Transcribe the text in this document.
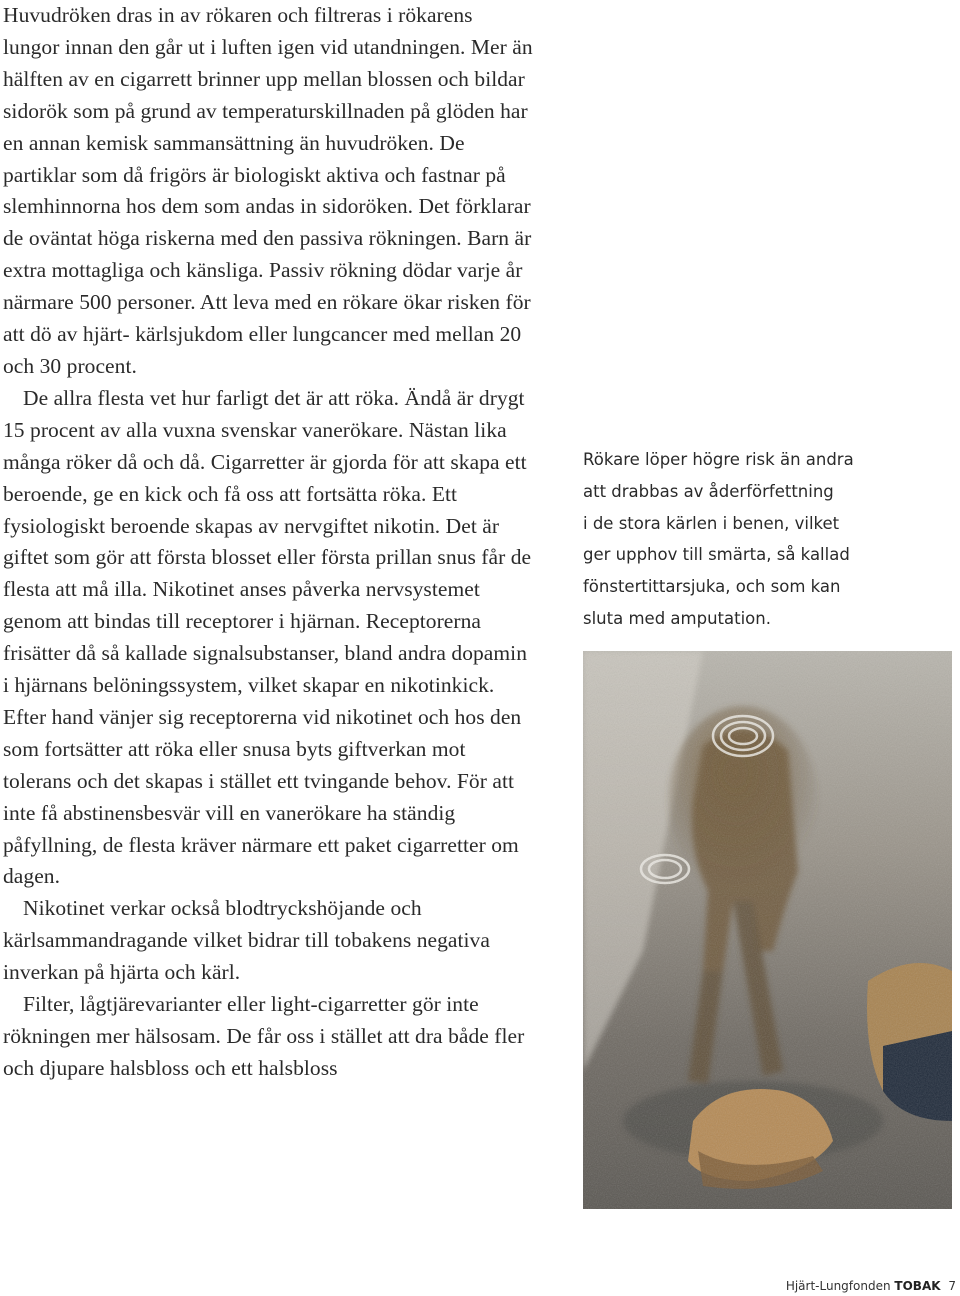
Huvudröken dras in av rökaren och filtreras i rökarens lungor innan den går ut i luften igen vid utandningen. Mer än hälften av en cigarrett brinner upp mellan blossen och bildar sidorök som på grund av temperaturskillnaden på glöden har en annan kemisk sammansättning än huvudröken. De partiklar som då frigörs är biologiskt aktiva och fastnar på slemhinnorna hos dem som andas in sidoröken. Det förklarar de oväntat höga riskerna med den passiva rökningen. Barn är extra mottagliga och känsliga. Passiv rökning dödar varje år närmare 500 personer. Att leva med en rökare ökar risken för att dö av hjärt- kärlsjukdom eller lungcancer med mellan 20 och 30 procent.

De allra flesta vet hur farligt det är att röka. Ändå är drygt 15 procent av alla vuxna svenskar vanerökare. Nästan lika många röker då och då. Cigarretter är gjorda för att skapa ett beroende, ge en kick och få oss att fortsätta röka. Ett fysiologiskt beroende skapas av nervgiftet nikotin. Det är giftet som gör att första blosset eller första prillan snus får de flesta att må illa. Nikotinet anses påverka nervsystemet genom att bindas till receptorer i hjärnan. Receptorerna frisätter då så kallade signalsubstanser, bland andra dopamin i hjärnans belöningssystem, vilket skapar en nikotinkick. Efter hand vänjer sig receptorerna vid nikotinet och hos den som fortsätter att röka eller snusa byts giftverkan mot tolerans och det skapas i stället ett tvingande behov. För att inte få abstinensbesvär vill en vanerökare ha ständig påfyllning, de flesta kräver närmare ett paket cigarretter om dagen.

Nikotinet verkar också blodtryckshöjande och kärlsammandragande vilket bidrar till tobakens negativa inverkan på hjärta och kärl.

Filter, lågtjärevarianter eller light-cigarretter gör inte rökningen mer hälsosam. De får oss i stället att dra både fler och djupare halsbloss och ett halsbloss

Rökare löper högre risk än andra
att drabbas av åderförfettning
i de stora kärlen i benen, vilket
ger upphov till smärta, så kallad
fönstertittarsjuka, och som kan
sluta med amputation.
Hjärt-Lungfonden TOBAK 7
